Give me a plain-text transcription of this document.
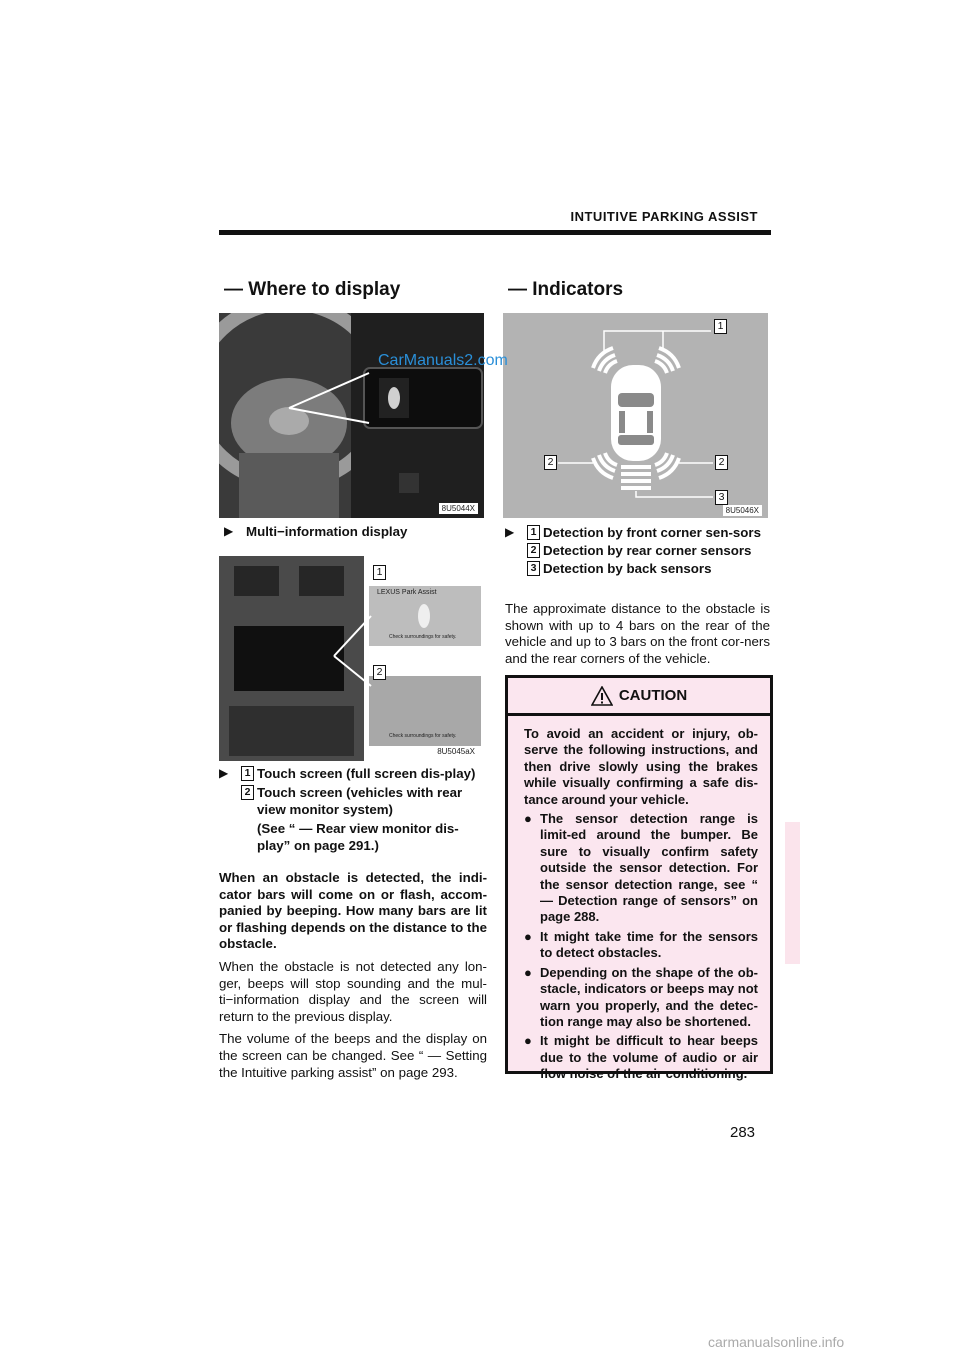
INTUITIVE PARKING ASSIST
— Where to display	— Indicators
8U5044X
▶ Multi−information display
1
LEXUS Park Assist
Check surroundings for safety.
2
Check surroundings for safety.
8U5045aX
▶	1 Touch screen (full screen dis-play)
2 Touch screen (vehicles with rear view monitor system)
(See “ — Rear view monitor dis-play” on page 291.)

When an obstacle is detected, the indi-cator bars will come on or flash, accom-panied by beeping. How many bars are lit or flashing depends on the distance to the obstacle.

When the obstacle is not detected any lon-ger, beeps will stop sounding and the mul-ti−information display and the screen will return to the previous display.

The volume of the beeps and the display on the screen can be changed. See “ — Setting the Intuitive parking assist” on page 293.

1
2	2
3
8U5046X
CarManuals2.com
▶	1 Detection by front corner sen-sors
2 Detection by rear corner sensors
3 Detection by back sensors

The approximate distance to the obstacle is shown with up to 4 bars on the rear of the vehicle and up to 3 bars on the front cor-ners and the rear corners of the vehicle.

CAUTION

To avoid an accident or injury, ob-serve the following instructions, and then drive slowly using the brakes while visually confirming a safe dis-tance around your vehicle.

● The sensor detection range is limit-ed around the bumper. Be sure to visually confirm safety outside the sensor detection. For the sensor detection range, see “ — Detection range of sensors” on page 288.
● It might take time for the sensors to detect obstacles.
● Depending on the shape of the ob-stacle, indicators or beeps may not warn you properly, and the detec-tion range may also be shortened.
● It might be difficult to hear beeps due to the volume of audio or air flow noise of the air conditioning.
283
carmanualsonline.info
